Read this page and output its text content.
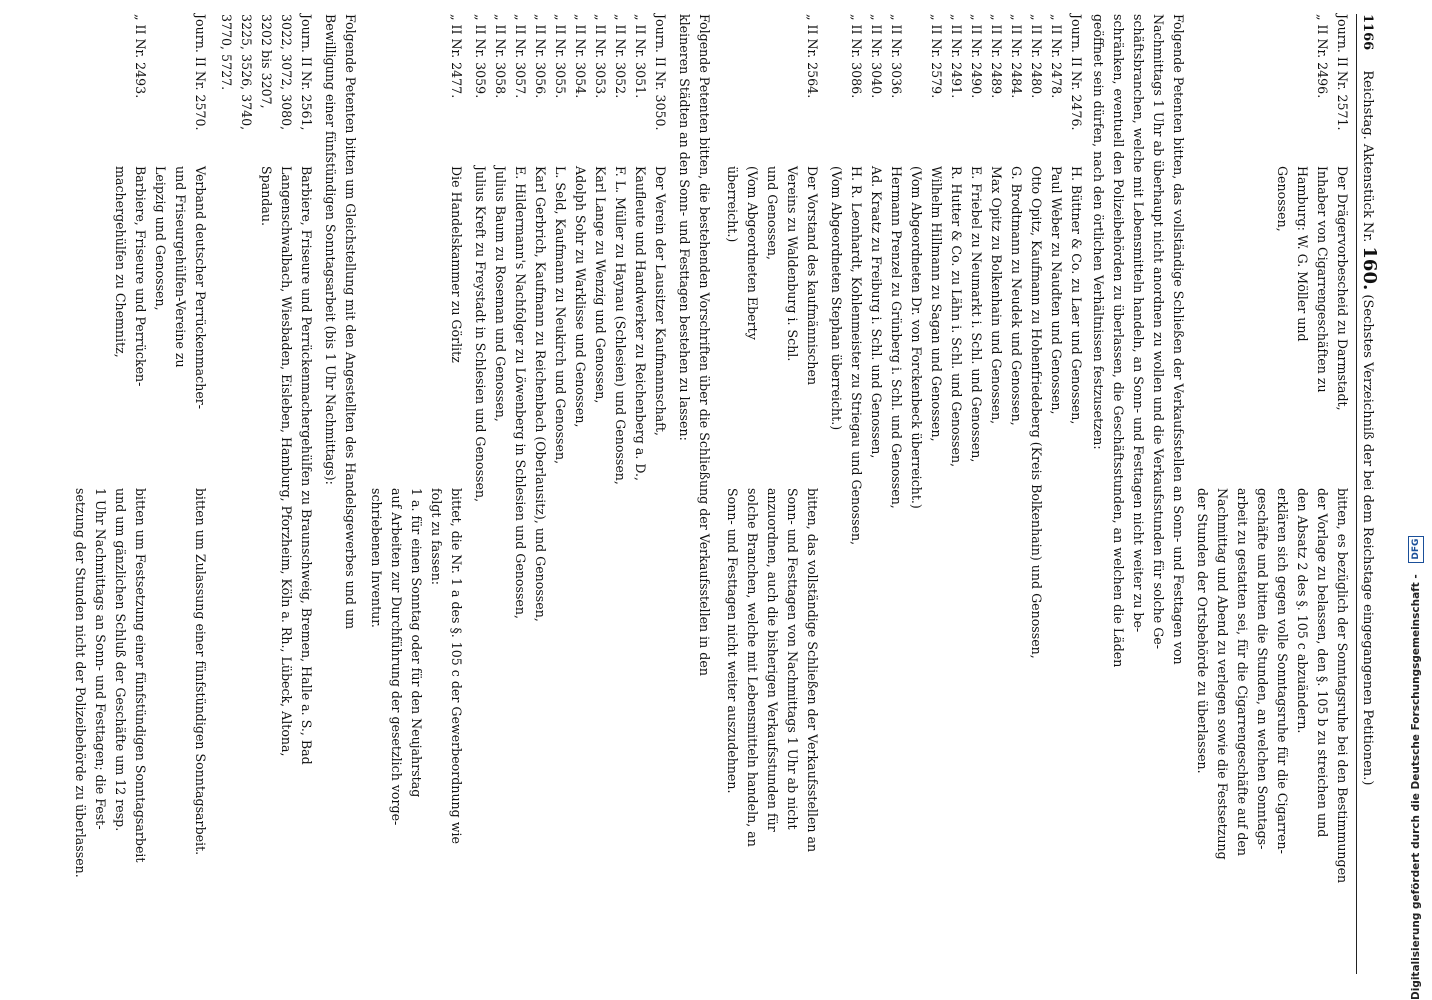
1166 Reichstag. Aktenstück Nr. 160. (Sechstes Verzeichniß der bei dem Reichstage eingegangenen Petitionen.)
Journ. II Nr. 2571.
Der Drägervorbescheid zu Darmstadt,
„ II Nr. 2496.
Inhaber von Cigarrengeschäften zu
Hamburg: W. G. Möller und
Genossen,
bitten, es bezüglich der Sonntagsruhe bei den Bestimmungen
der Vorlage zu belassen, den §. 105 b zu streichen und
den Absatz 2 des §. 105 c abzuändern.
erklären sich gegen volle Sonntagsruhe für die Cigarren-
geschäfte und bitten die Stunden, an welchen Sonntags-
arbeit zu gestatten sei, für die Cigarrengeschäfte auf den
Nachmittag und Abend zu verlegen sowie die Festsetzung
der Stunden der Ortsbehörde zu überlassen.
Folgende Petenten bitten, das vollständige Schließen der Verkaufsstellen an Sonn- und Festtagen von
Nachmittags 1 Uhr ab überhaupt nicht anordnen zu wollen und die Verkaufsstunden für solche Ge-
schäftsbranchen, welche mit Lebensmitteln handeln, an Sonn- und Festtagen nicht weiter zu be-
schränken, eventuell den Polizeibehörden zu überlassen, die Geschäftsstunden, an welchen die Läden
geöffnet sein dürfen, nach den örtlichen Verhältnissen festzusetzen:
Journ. II Nr. 2476.
H. Büttner & Co. zu Laer und Genossen,
„ II Nr. 2478.
Paul Weber zu Naudten und Genossen,
„ II Nr. 2480.
Otto Opitz, Kaufmann zu Hohenfriedeberg (Kreis Bolkenhain) und Genossen,
„ II Nr. 2484.
G. Brodtmann zu Neudek und Genossen,
„ II Nr. 2489.
Max Opitz zu Bolkenhain und Genossen,
„ II Nr. 2490.
E. Friebel zu Neumarkt i. Schl. und Genossen,
„ II Nr. 2491.
R. Hutter & Co. zu Lähn i. Schl. und Genossen,
„ II Nr. 2579.
Wilhelm Hillmann zu Sagan und Genossen,
(Vom Abgeordneten Dr. von Forckenbeck überreicht.)
„ II Nr. 3036.
Hermann Prenzel zu Grünberg i. Schl. und Genossen,
„ II Nr. 3040.
Ad. Kraatz zu Freiburg i. Schl. und Genossen,
„ II Nr. 3086.
H. R. Leonhardt, Kohlenmeister zu Striegau und Genossen,
(Vom Abgeordneten Stephan überreicht.)
„ II Nr. 2564.
Der Vorstand des kaufmännischen
Vereins zu Waldenburg i. Schl.
und Genossen,
(Vom Abgeordneten Eberty
überreicht.)
bitten, das vollständige Schließen der Verkaufsstellen an
Sonn- und Festtagen von Nachmittags 1 Uhr ab nicht
anzuordnen, auch die bisherigen Verkaufsstunden für
solche Branchen, welche mit Lebensmitteln handeln, an
Sonn- und Festtagen nicht weiter auszudehnen.
Folgende Petenten bitten, die bestehenden Vorschriften über die Schließung der Verkaufsstellen in den
kleineren Städten an den Sonn- und Festtagen bestehen zu lassen:
Journ. II Nr. 3050.
Der Verein der Lausitzer Kaufmannschaft,
„ II Nr. 3051.
Kaufleute und Handwerker zu Reichenberg a. D.,
„ II Nr. 3052.
F. L. Müller zu Haynau (Schlesien) und Genossen,
„ II Nr. 3053.
Karl Lange zu Wenzig und Genossen,
„ II Nr. 3054.
Adolph Sohr zu Warklisse und Genossen,
„ II Nr. 3055.
L. Seld, Kaufmann zu Neukirch und Genossen,
„ II Nr. 3056.
Karl Gerbrich, Kaufmann zu Reichenbach (Oberlausitz), und Genossen,
„ II Nr. 3057.
E. Hildermann's Nachfolger zu Löwenberg in Schlesien und Genossen,
„ II Nr. 3058.
Julius Baum zu Roseman und Genossen,
„ II Nr. 3059.
Julius Kreft zu Freystadt in Schlesien und Genossen,
„ II Nr. 2477.
Die Handelskammer zu Görlitz
bittet, die Nr. 1 a des §. 105 c der Gewerbeordnung wie
folgt zu fassen:
1 a. für einen Sonntag oder für den Neujahrstag
auf Arbeiten zur Durchführung der gesetzlich vorge-
schriebenen Inventur.
Folgende Petenten bitten um Gleichstellung mit den Angestellten des Handelsgewerbes und um
Bewilligung einer fünfstündigen Sonntagsarbeit (bis 1 Uhr Nachmittags):
Journ. II Nr. 2561,
Barbiere, Friseure und Perrückenmachergehülfen zu Braunschweig, Bremen, Halle a. S., Bad
3022, 3072, 3080,
Langenschwalbach, Wiesbaden, Eisleben, Hamburg, Pforzheim, Köln a. Rh., Lübeck, Altona,
3202 bis 3207,
Spandau.
3225, 3526, 3740,
3770, 5727.
Journ. II Nr. 2570.
Verband deutscher Perrückenmacher-
und Friseurgehülfen-Vereine zu
Leipzig und Genossen,
„ II Nr. 2493.
Barbiere, Friseure und Perrücken-
machergehülfen zu Chemnitz,
bitten um Zulassung einer fünfstündigen Sonntagsarbeit.
bitten um Festsetzung einer fünfstündigen Sonntagsarbeit
und um gänzlichen Schluß der Geschäfte um 12 resp.
1 Uhr Nachmittags an Sonn- und Festtagen; die Fest-
setzung der Stunden nicht der Polizeibehörde zu überlassen.	Digitalisierung gefördert durch die Deutsche Forschungsgemeinschaft - DFG
